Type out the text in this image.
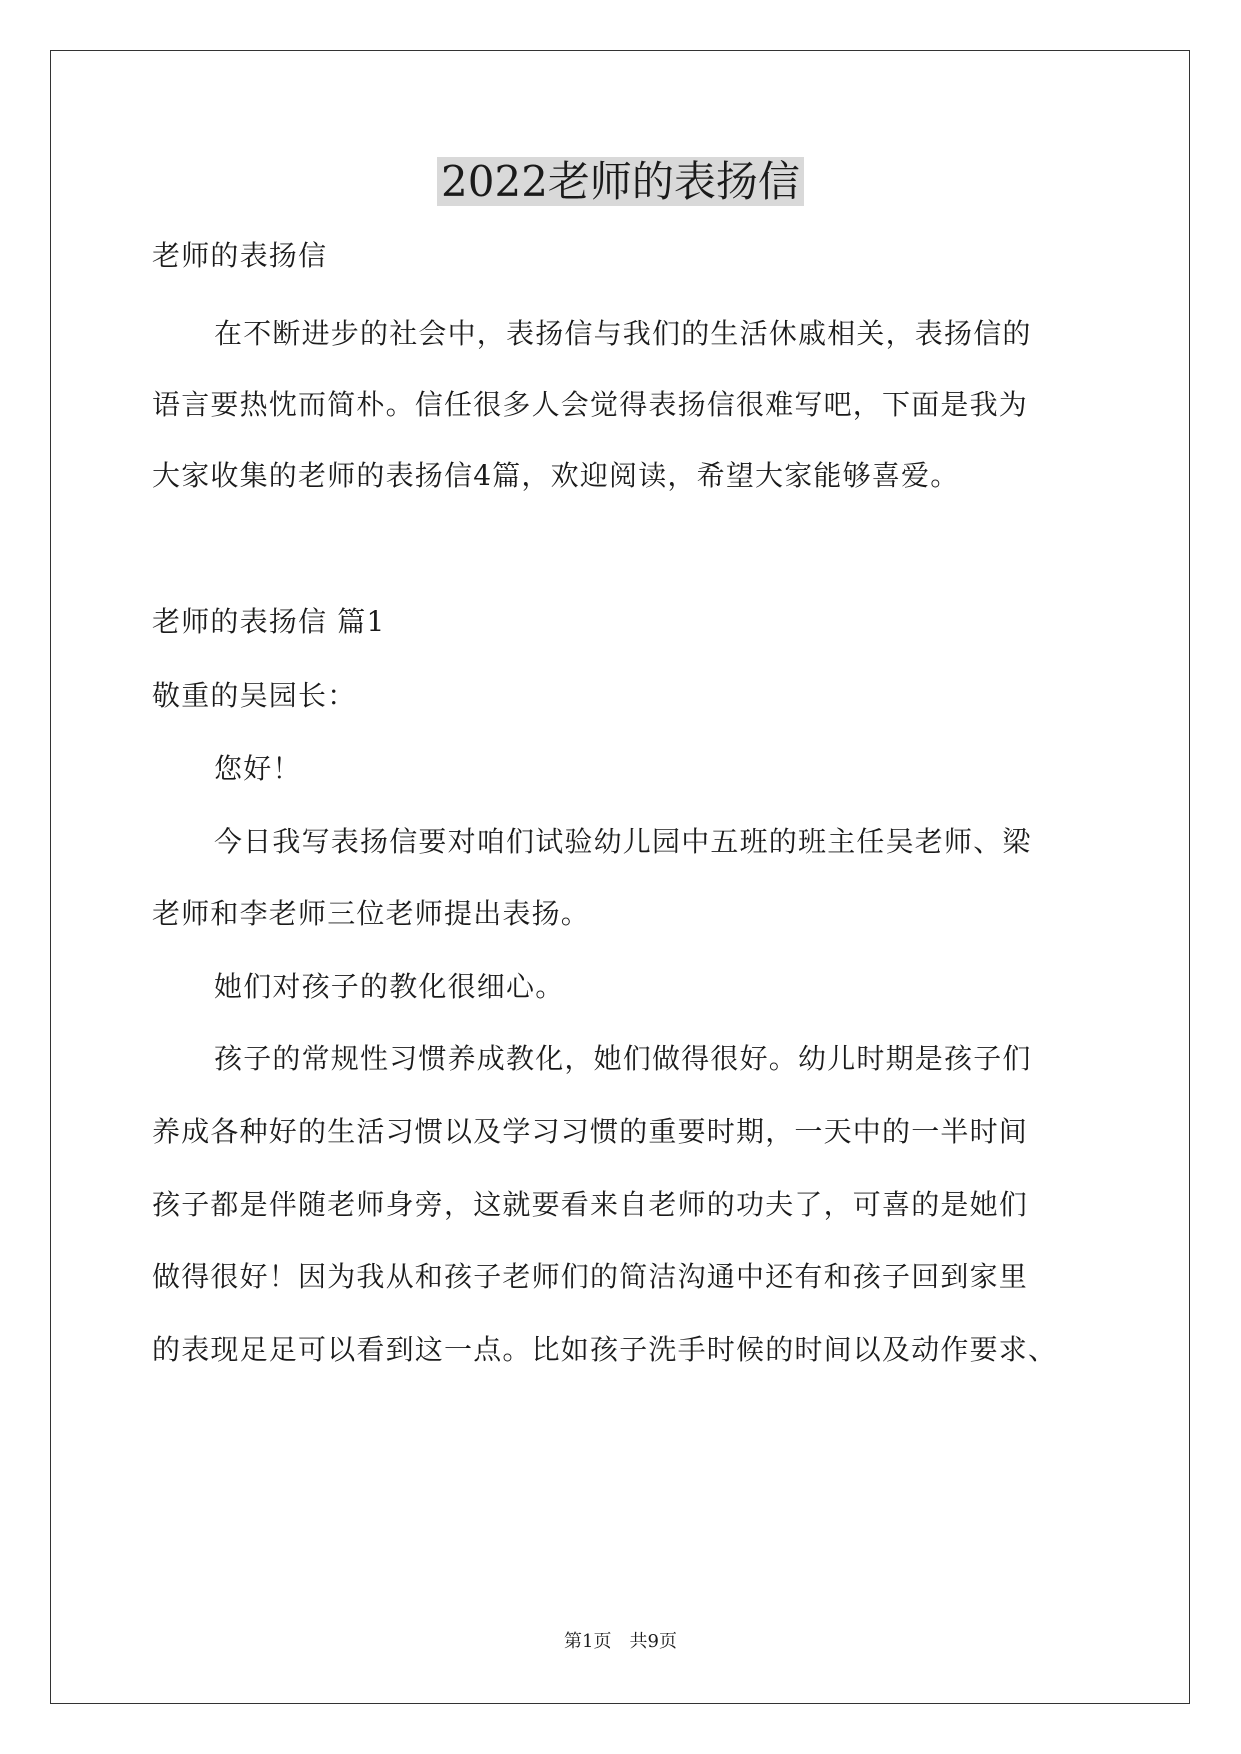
2022老师的表扬信

老师的表扬信

在不断进步的社会中，表扬信与我们的生活休戚相关，表扬信的

语言要热忱而简朴。信任很多人会觉得表扬信很难写吧，下面是我为

大家收集的老师的表扬信4篇，欢迎阅读，希望大家能够喜爱。

老师的表扬信 篇1

敬重的吴园长：

您好！

今日我写表扬信要对咱们试验幼儿园中五班的班主任吴老师、梁

老师和李老师三位老师提出表扬。

她们对孩子的教化很细心。

孩子的常规性习惯养成教化，她们做得很好。幼儿时期是孩子们

养成各种好的生活习惯以及学习习惯的重要时期，一天中的一半时间

孩子都是伴随老师身旁，这就要看来自老师的功夫了，可喜的是她们

做得很好！因为我从和孩子老师们的简洁沟通中还有和孩子回到家里

的表现足足可以看到这一点。比如孩子洗手时候的时间以及动作要求、

第1页 共9页
